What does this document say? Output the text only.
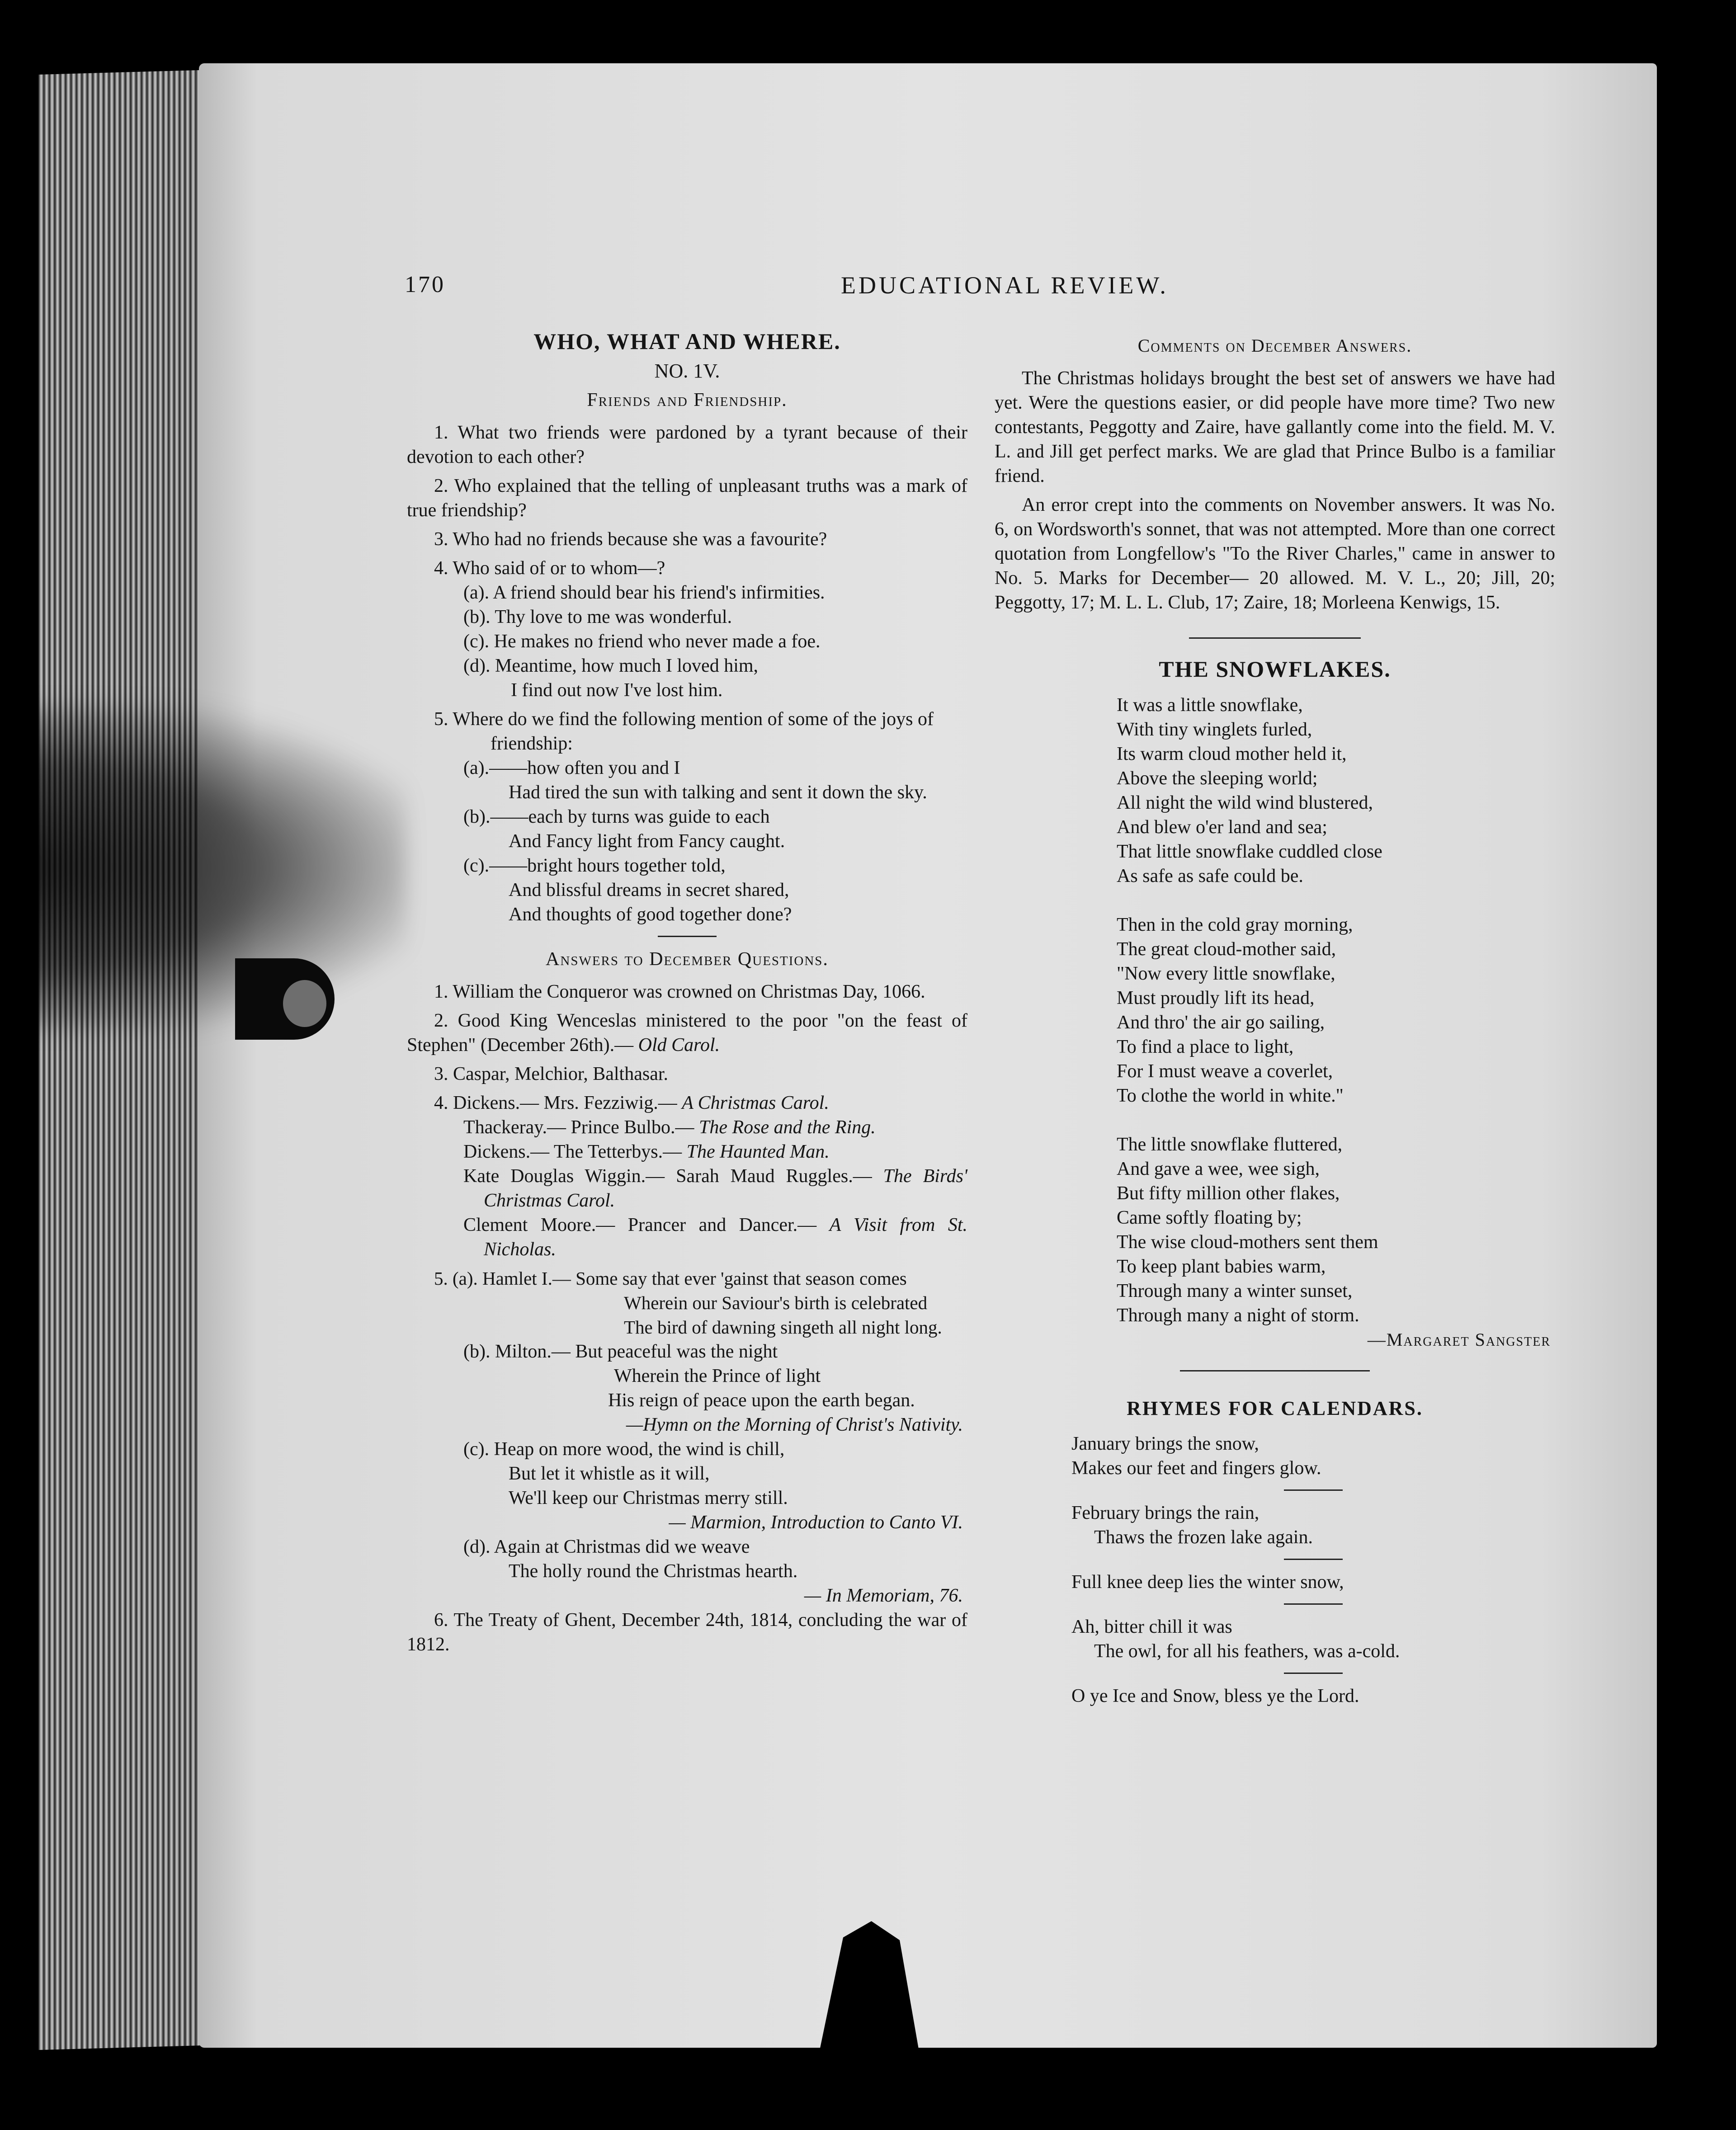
170	EDUCATIONAL REVIEW.
WHO, WHAT AND WHERE.

NO. 1V.

Friends and Friendship.

1. What two friends were pardoned by a tyrant because of their devotion to each other?

2. Who explained that the telling of unpleasant truths was a mark of true friendship?

3. Who had no friends because she was a favourite?

4. Who said of or to whom—?

(a). A friend should bear his friend's infirmities.

(b). Thy love to me was wonderful.

(c). He makes no friend who never made a foe.

(d). Meantime, how much I loved him,

I find out now I've lost him.

5. Where do we find the following mention of some of the joys of friendship:

(a).——how often you and I

Had tired the sun with talking and sent it down the sky.

(b).——each by turns was guide to each

And Fancy light from Fancy caught.

(c).——bright hours together told,

And blissful dreams in secret shared,

And thoughts of good together done?

Answers to December Questions.

1. William the Conqueror was crowned on Christmas Day, 1066.

2. Good King Wenceslas ministered to the poor "on the feast of Stephen" (December 26th).— Old Carol.

3. Caspar, Melchior, Balthasar.

4. Dickens.— Mrs. Fezziwig.— A Christmas Carol.

Thackeray.— Prince Bulbo.— The Rose and the Ring.

Dickens.— The Tetterbys.— The Haunted Man.

Kate Douglas Wiggin.— Sarah Maud Ruggles.— The Birds' Christmas Carol.

Clement Moore.— Prancer and Dancer.— A Visit from St. Nicholas.

5. (a). Hamlet I.— Some say that ever 'gainst that season comes

Wherein our Saviour's birth is celebrated

The bird of dawning singeth all night long.

(b). Milton.— But peaceful was the night

Wherein the Prince of light

His reign of peace upon the earth began.

—Hymn on the Morning of Christ's Nativity.

(c). Heap on more wood, the wind is chill,

But let it whistle as it will,

We'll keep our Christmas merry still.

— Marmion, Introduction to Canto VI.

(d). Again at Christmas did we weave

The holly round the Christmas hearth.

— In Memoriam, 76.

6. The Treaty of Ghent, December 24th, 1814, concluding the war of 1812.

Comments on December Answers.

The Christmas holidays brought the best set of answers we have had yet. Were the questions easier, or did people have more time? Two new contestants, Peggotty and Zaire, have gallantly come into the field. M. V. L. and Jill get perfect marks. We are glad that Prince Bulbo is a familiar friend.

An error crept into the comments on November answers. It was No. 6, on Wordsworth's sonnet, that was not attempted. More than one correct quotation from Longfellow's "To the River Charles," came in answer to No. 5. Marks for December— 20 allowed. M. V. L., 20; Jill, 20; Peggotty, 17; M. L. L. Club, 17; Zaire, 18; Morleena Kenwigs, 15.

THE SNOWFLAKES.

It was a little snowflake,

With tiny winglets furled,

Its warm cloud mother held it,

Above the sleeping world;

All night the wild wind blustered,

And blew o'er land and sea;

That little snowflake cuddled close

As safe as safe could be.

Then in the cold gray morning,

The great cloud-mother said,

"Now every little snowflake,

Must proudly lift its head,

And thro' the air go sailing,

To find a place to light,

For I must weave a coverlet,

To clothe the world in white."

The little snowflake fluttered,

And gave a wee, wee sigh,

But fifty million other flakes,

Came softly floating by;

The wise cloud-mothers sent them

To keep plant babies warm,

Through many a winter sunset,

Through many a night of storm.

—Margaret Sangster

RHYMES FOR CALENDARS.

January brings the snow,

Makes our feet and fingers glow.

February brings the rain,

Thaws the frozen lake again.

Full knee deep lies the winter snow,

Ah, bitter chill it was

The owl, for all his feathers, was a-cold.

O ye Ice and Snow, bless ye the Lord.
